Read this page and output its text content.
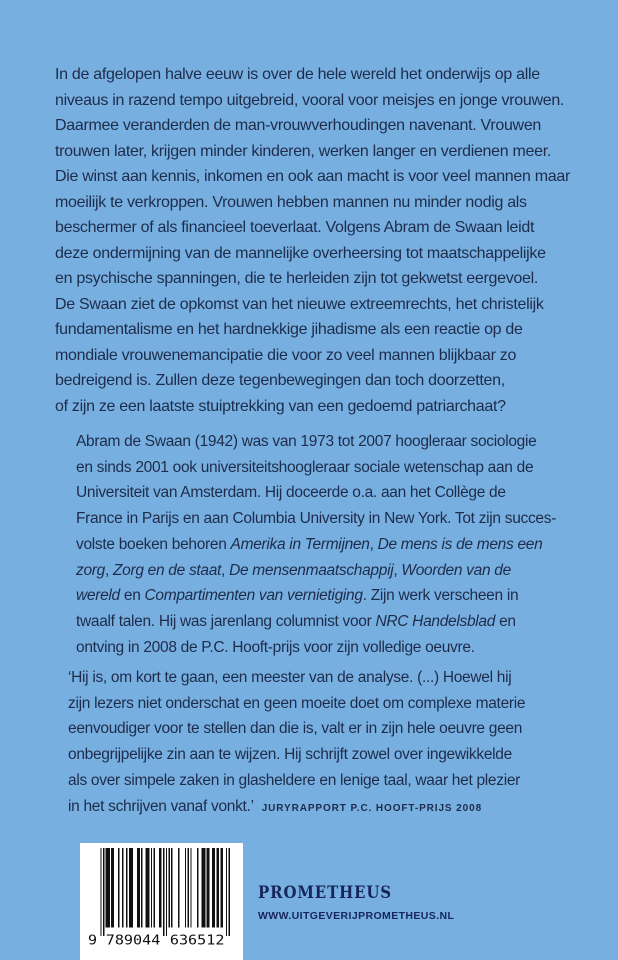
In de afgelopen halve eeuw is over de hele wereld het onderwijs op alle
niveaus in razend tempo uitgebreid, vooral voor meisjes en jonge vrouwen.
Daarmee veranderden de man-vrouwverhoudingen navenant. Vrouwen
trouwen later, krijgen minder kinderen, werken langer en verdienen meer.
Die winst aan kennis, inkomen en ook aan macht is voor veel mannen maar
moeilijk te verkroppen. Vrouwen hebben mannen nu minder nodig als
beschermer of als financieel toeverlaat. Volgens Abram de Swaan leidt
deze ondermijning van de mannelijke overheersing tot maatschappelijke
en psychische spanningen, die te herleiden zijn tot gekwetst eergevoel.
De Swaan ziet de opkomst van het nieuwe extreemrechts, het christelijk
fundamentalisme en het hardnekkige jihadisme als een reactie op de
mondiale vrouwenemancipatie die voor zo veel mannen blijkbaar zo
bedreigend is. Zullen deze tegenbewegingen dan toch doorzetten,
of zijn ze een laatste stuiptrekking van een gedoemd patriarchaat?
Abram de Swaan (1942) was van 1973 tot 2007 hoogleraar sociologie
en sinds 2001 ook universiteitshoogleraar sociale wetenschap aan de
Universiteit van Amsterdam. Hij doceerde o.a. aan het Collège de
France in Parijs en aan Columbia University in New York. Tot zijn succes-
volste boeken behoren Amerika in Termijnen, De mens is de mens een
zorg, Zorg en de staat, De mensenmaatschappij, Woorden van de
wereld en Compartimenten van vernietiging. Zijn werk verscheen in
twaalf talen. Hij was jarenlang columnist voor NRC Handelsblad en
ontving in 2008 de P.C. Hooft-prijs voor zijn volledige oeuvre.
‘Hij is, om kort te gaan, een meester van de analyse. (...) Hoewel hij
zijn lezers niet onderschat en geen moeite doet om complexe materie
eenvoudiger voor te stellen dan die is, valt er in zijn hele oeuvre geen
onbegrijpelijke zin aan te wijzen. Hij schrijft zowel over ingewikkelde
als over simpele zaken in glasheldere en lenige taal, waar het plezier
in het schrijven vanaf vonkt.’ JURYRAPPORT P.C. HOOFT-PRIJS 2008
9 789044 636512
PROMETHEUS
WWW.UITGEVERIJPROMETHEUS.NL
